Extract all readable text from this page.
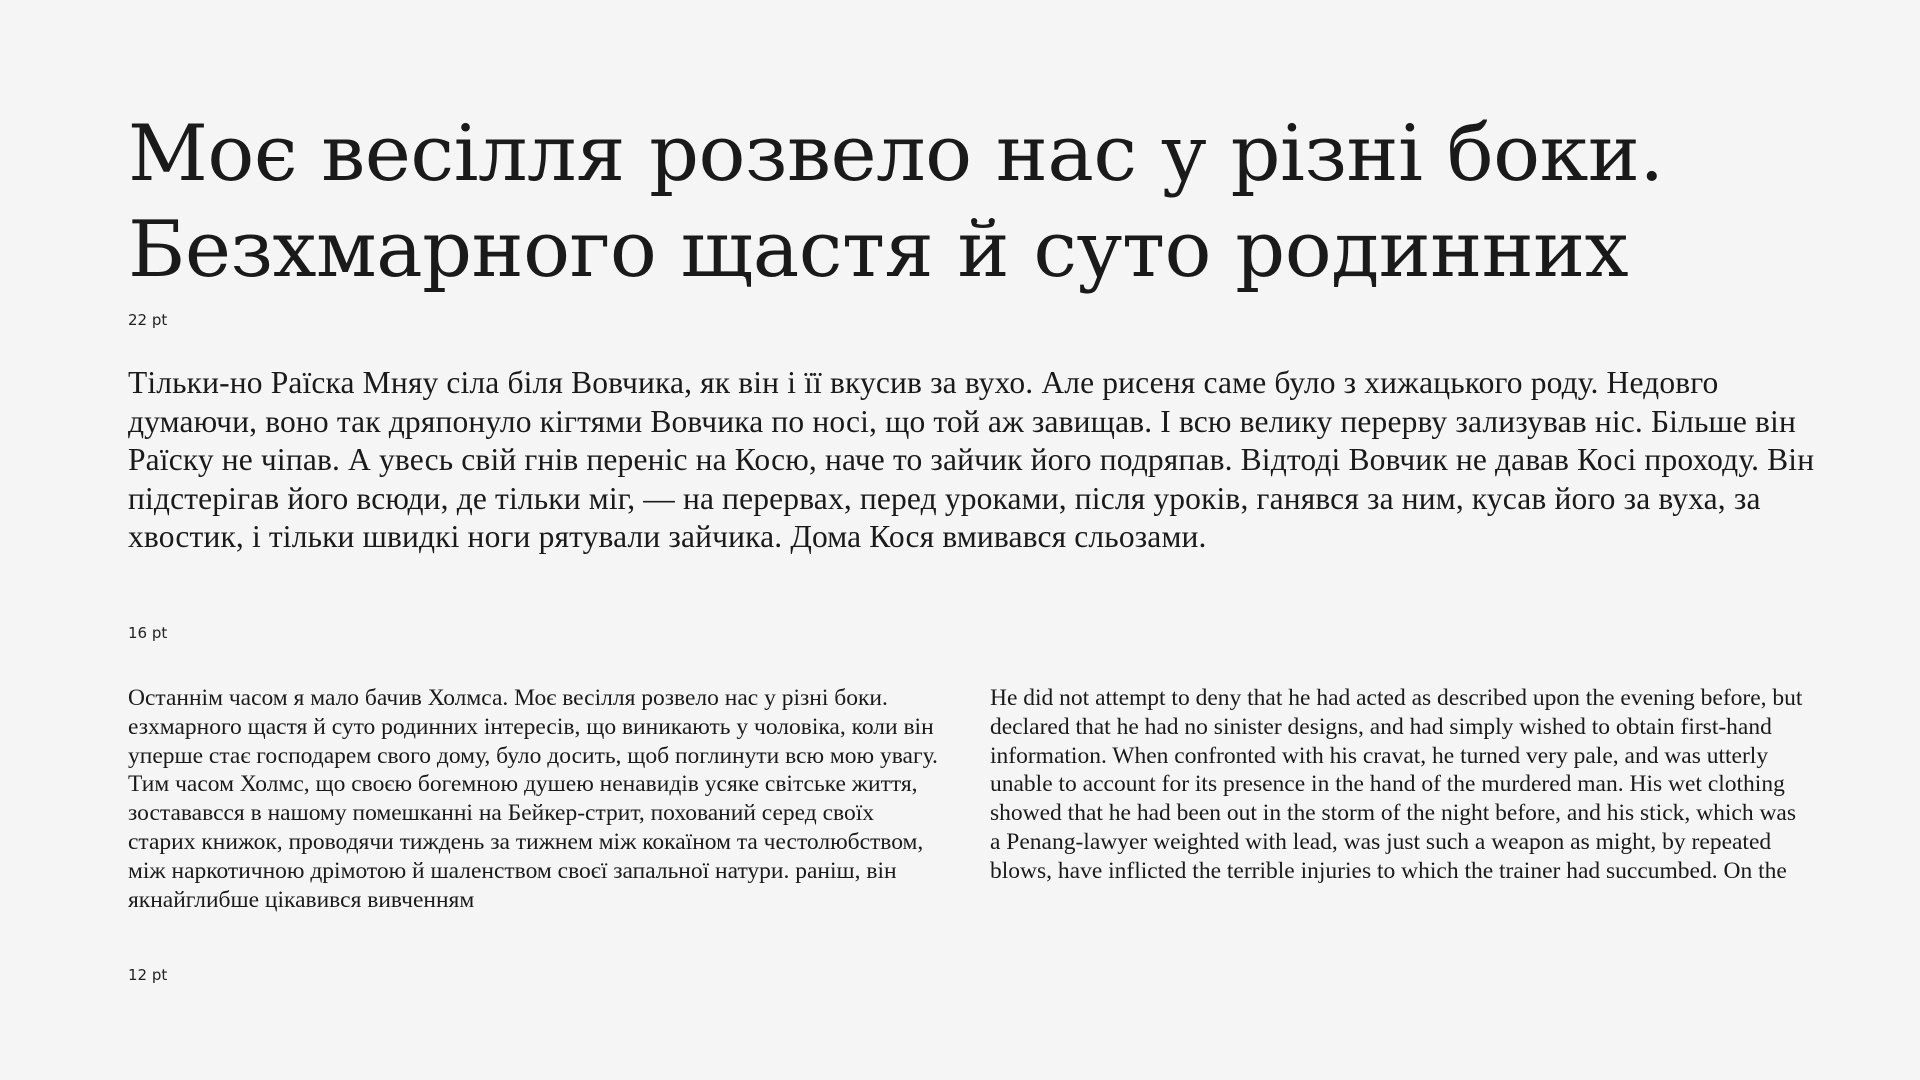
Моє весілля розвело нас у різні боки.
Безхмарного щастя й суто родинних
22 pt

Тільки-но Раїска Мняу сіла біля Вовчика, як він і її вкусив за вухо. Але рисеня саме було з хижацького роду. Недовго думаючи, воно так дряпонуло кігтями Вовчика по носі, що той аж завищав. І всю велику перерву зализував ніс. Більше він Раїску не чіпав. А увесь свій гнів переніс на Косю, наче то зайчик його подряпав. Відтоді Вовчик не давав Косі проходу. Він підстерігав його всюди, де тільки міг, — на перервах, перед уроками, після уроків, ганявся за ним, кусав його за вуха, за хвостик, і тільки швидкі ноги рятували зайчика. Дома Кося вмивався сльозами.

16 pt

Останнім часом я мало бачив Холмса. Моє весілля розвело нас у різні боки. езхмарного щастя й суто родинних інтересів, що виникають у чоловіка, коли він уперше стає господарем свого дому, було досить, щоб поглинути всю мою увагу. Тим часом Холмс, що своєю богемною душею ненавидів усяке світське життя, зостававсся в нашому помешканні на Бейкер-стрит, похований серед своїх старих книжок, проводячи тиждень за тижнем між кокаїном та честолюбством, між наркотичною дрімотою й шаленством своєї запальної натури. раніш, він якнайглибше цікавився вивченням

He did not attempt to deny that he had acted as described upon the evening before, but declared that he had no sinister designs, and had simply wished to obtain first-hand information. When confronted with his cravat, he turned very pale, and was utterly unable to account for its presence in the hand of the murdered man. His wet clothing showed that he had been out in the storm of the night before, and his stick, which was a Penang-lawyer weighted with lead, was just such a weapon as might, by repeated blows, have inflicted the terrible injuries to which the trainer had succumbed. On the

12 pt
